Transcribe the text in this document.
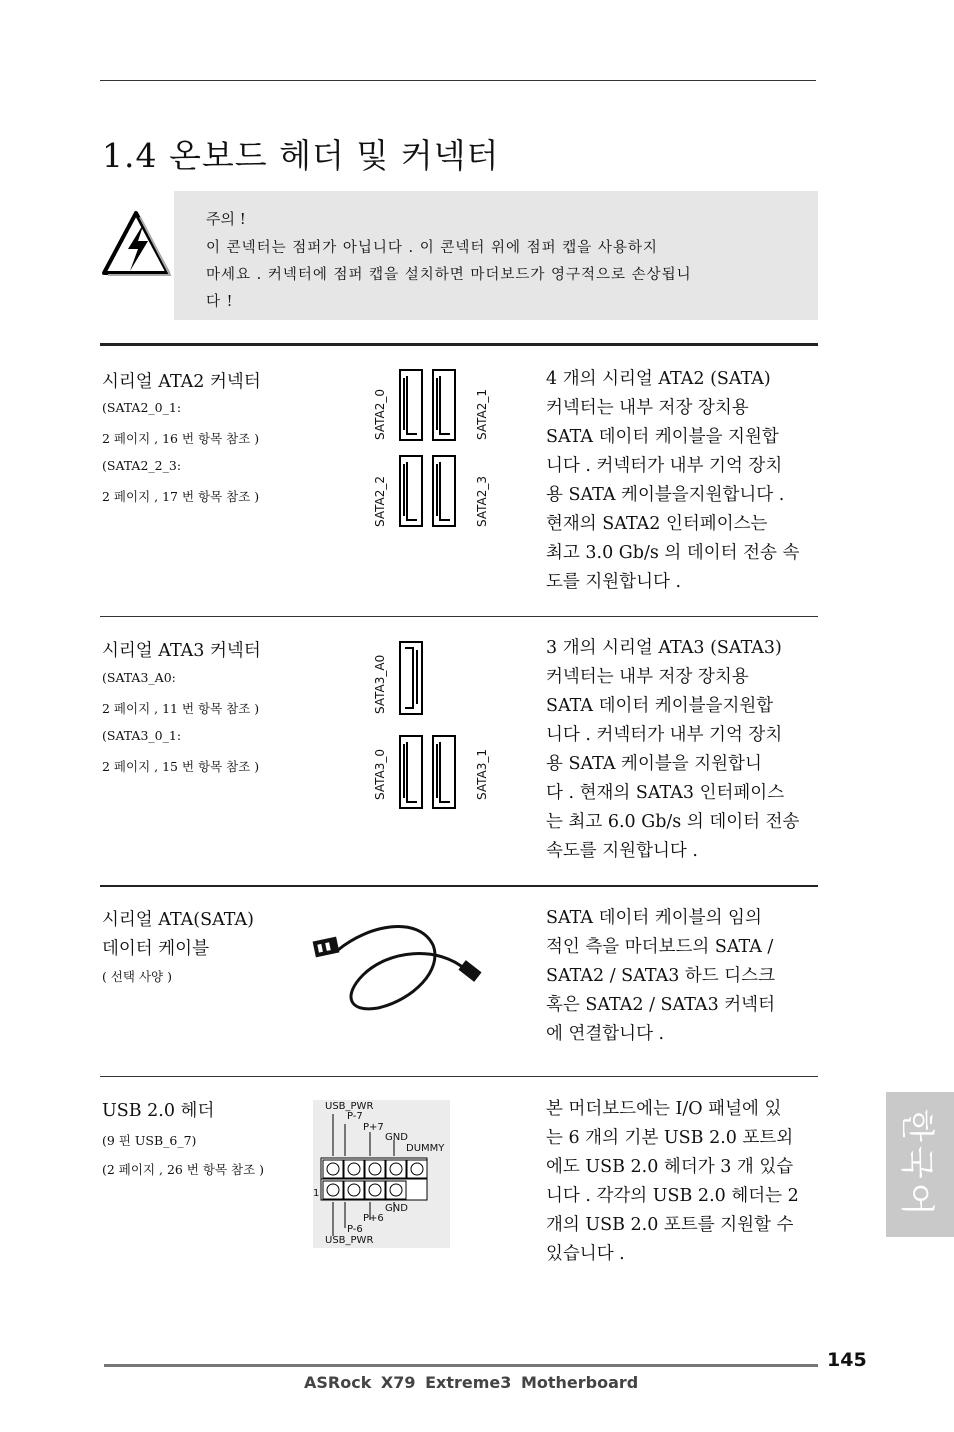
1.4 온보드 헤더 및 커넥터
주의 !
이 콘넥터는 점퍼가 아닙니다 . 이 콘넥터 위에 점퍼 캡을 사용하지
마세요 . 커넥터에 점퍼 캡을 설치하면 마더보드가 영구적으로 손상됩니
다 !
시리얼 ATA2 커넥터
(SATA2_0_1:
2 페이지 , 16 번 항목 참조 )
(SATA2_2_3:
2 페이지 , 17 번 항목 참조 )
SATA2_0	SATA2_1
SATA2_2	SATA2_3
4 개의 시리얼 ATA2 (SATA)
커넥터는 내부 저장 장치용
SATA 데이터 케이블을 지원합
니다 . 커넥터가 내부 기억 장치
용 SATA 케이블을지원합니다 .
현재의 SATA2 인터페이스는
최고 3.0 Gb/s 의 데이터 전송 속
도를 지원합니다 .
시리얼 ATA3 커넥터
(SATA3_A0:
2 페이지 , 11 번 항목 참조 )
(SATA3_0_1:
2 페이지 , 15 번 항목 참조 )
SATA3_A0
SATA3_0	SATA3_1
3 개의 시리얼 ATA3 (SATA3)
커넥터는 내부 저장 장치용
SATA 데이터 케이블을지원합
니다 . 커넥터가 내부 기억 장치
용 SATA 케이블을 지원합니
다 . 현재의 SATA3 인터페이스
는 최고 6.0 Gb/s 의 데이터 전송
속도를 지원합니다 .
시리얼 ATA(SATA)
데이터 케이블
( 선택 사양 )
SATA 데이터 케이블의 임의
적인 측을 마더보드의 SATA /
SATA2 / SATA3 하드 디스크
혹은 SATA2 / SATA3 커넥터
에 연결합니다 .
USB 2.0 헤더
(9 핀 USB_6_7)
(2 페이지 , 26 번 항목 참조 )
USB_PWR
P-7
P+7
GND
DUMMY
1
GND
P+6
P-6
USB_PWR
본 머더보드에는 I/O 패널에 있
는 6 개의 기본 USB 2.0 포트외
에도 USB 2.0 헤더가 3 개 있습
니다 . 각각의 USB 2.0 헤더는 2
개의 USB 2.0 포트를 지원할 수
있습니다 .
한국어
145
ASRock X79 Extreme3 Motherboard
